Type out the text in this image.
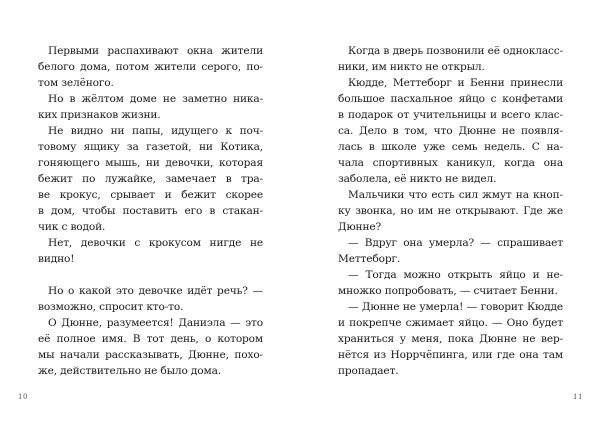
Первыми распахивают окна жители
белого дома, потом жители серого, по-
том зелёного.
Но в жёлтом доме не заметно ника-
ких признаков жизни.
Не видно ни папы, идущего к поч-
товому ящику за газетой, ни Котика,
гоняющего мышь, ни девочки, которая
бежит по лужайке, замечает в тра-
ве крокус, срывает и бежит скорее
в дом, чтобы поставить его в стакан-
чик с водой.
Нет, девочки с крокусом нигде не
видно!
Но о какой это девочке идёт речь? —
возможно, спросит кто-то.
О Дюнне, разумеется! Даниэла — это
её полное имя. В тот день, о котором
мы начали рассказывать, Дюнне, похо-
же, действительно не было дома.
10
Когда в дверь позвонили её однокласс-
ники, им никто не открыл.
Кюдде, Меттеборг и Бенни принесли
большое пасхальное яйцо с конфетами
в подарок от учительницы и всего клас-
са. Дело в том, что Дюнне не появля-
лась в школе уже семь недель. С на-
чала спортивных каникул, когда она
заболела, её никто не видел.
Мальчики что есть сил жмут на кноп-
ку звонка, но им не открывают. Где же
Дюнне?
— Вдруг она умерла? — спрашивает
Меттеборг.
— Тогда можно открыть яйцо и не-
множко попробовать, — считает Бенни.
— Дюнне не умерла! — говорит Кюдде
и покрепче сжимает яйцо. — Оно будет
храниться у меня, пока Дюнне не вер-
нётся из Норрчёпинга, или где она там
пропадает.
11
